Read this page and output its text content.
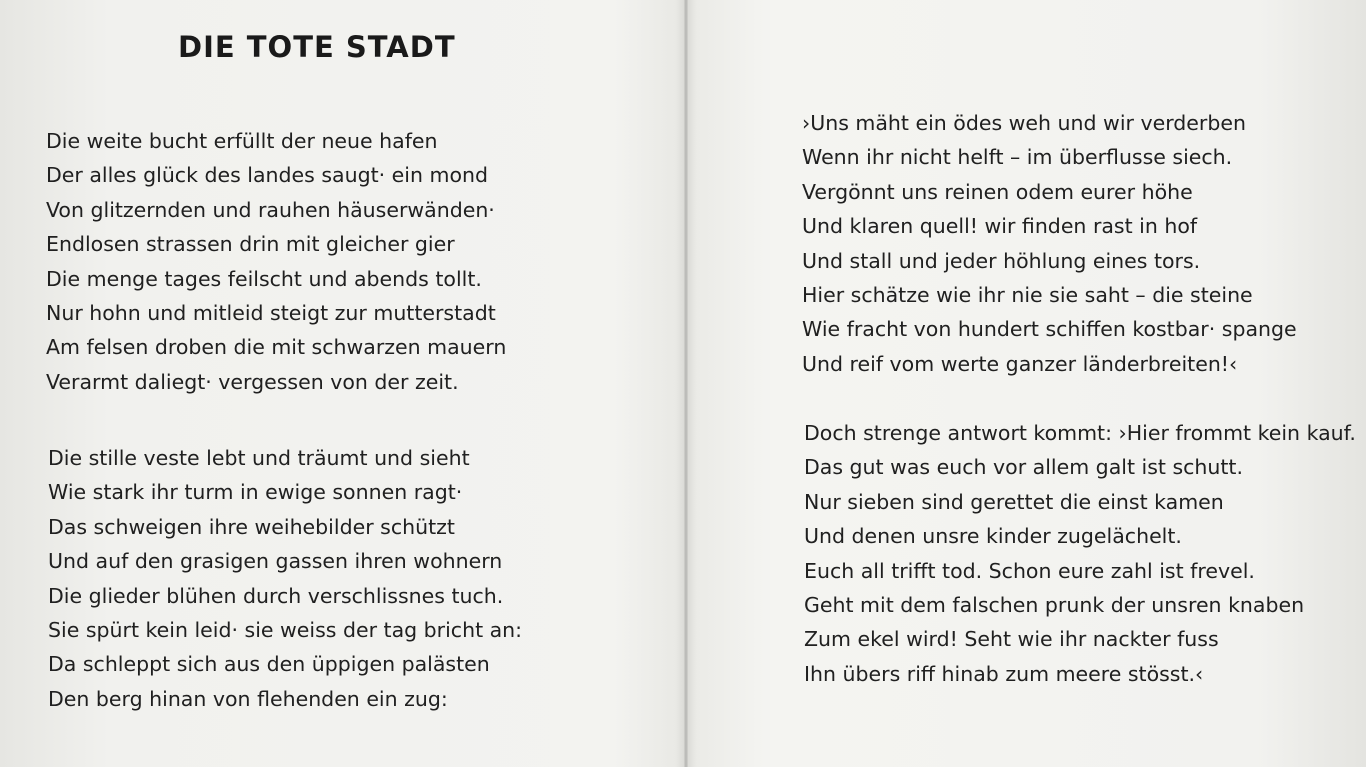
DIE TOTE STADT
Die weite bucht erfüllt der neue hafen
Der alles glück des landes saugt· ein mond
Von glitzernden und rauhen häuserwänden·
Endlosen strassen drin mit gleicher gier
Die menge tages feilscht und abends tollt.
Nur hohn und mitleid steigt zur mutterstadt
Am felsen droben die mit schwarzen mauern
Verarmt daliegt· vergessen von der zeit.
Die stille veste lebt und träumt und sieht
Wie stark ihr turm in ewige sonnen ragt·
Das schweigen ihre weihebilder schützt
Und auf den grasigen gassen ihren wohnern
Die glieder blühen durch verschlissnes tuch.
Sie spürt kein leid· sie weiss der tag bricht an:
Da schleppt sich aus den üppigen palästen
Den berg hinan von flehenden ein zug:
›Uns mäht ein ödes weh und wir verderben
Wenn ihr nicht helft – im überflusse siech.
Vergönnt uns reinen odem eurer höhe
Und klaren quell! wir finden rast in hof
Und stall und jeder höhlung eines tors.
Hier schätze wie ihr nie sie saht – die steine
Wie fracht von hundert schiffen kostbar· spange
Und reif vom werte ganzer länderbreiten!‹
Doch strenge antwort kommt: ›Hier frommt kein kauf.
Das gut was euch vor allem galt ist schutt.
Nur sieben sind gerettet die einst kamen
Und denen unsre kinder zugelächelt.
Euch all trifft tod. Schon eure zahl ist frevel.
Geht mit dem falschen prunk der unsren knaben
Zum ekel wird! Seht wie ihr nackter fuss
Ihn übers riff hinab zum meere stösst.‹
